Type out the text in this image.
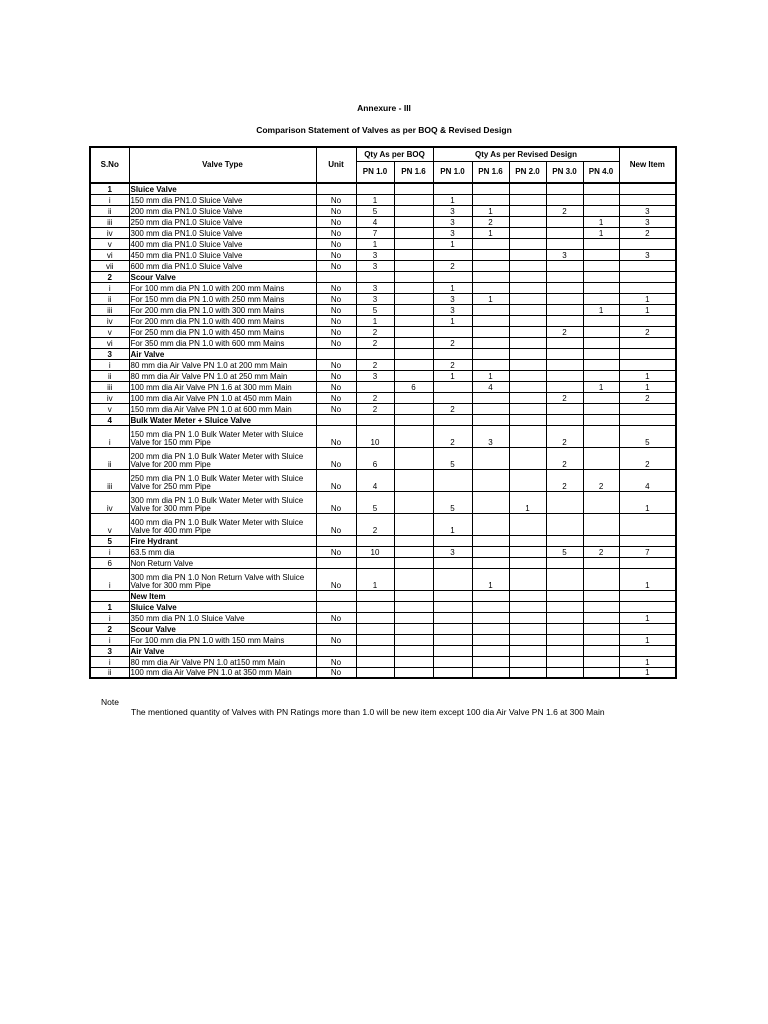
Annexure - III
Comparison Statement of Valves as per BOQ & Revised Design
S.No	Valve Type	Unit	Qty As per BOQ		Qty As per Revised Design					New Item
			PN 1.0	PN 1.6	PN 1.0	PN 1.6	PN 2.0	PN 3.0	PN 4.0	
1	Sluice Valve									
i	150 mm dia PN1.0 Sluice Valve	No	1		1					
ii	200 mm dia PN1.0 Sluice Valve	No	5		3	1		2		3
iii	250 mm dia PN1.0 Sluice Valve	No	4		3	2			1	3
iv	300 mm dia PN1.0 Sluice Valve	No	7		3	1			1	2
v	400 mm dia PN1.0 Sluice Valve	No	1		1					
vi	450 mm dia PN1.0 Sluice Valve	No	3					3		3
vii	600 mm dia PN1.0 Sluice Valve	No	3		2					
2	Scour Valve									
i	For 100 mm dia PN 1.0 with 200 mm Mains	No	3		1					
ii	For 150 mm dia PN 1.0 with 250 mm Mains	No	3		3	1				1
iii	For 200 mm dia PN 1.0 with 300 mm Mains	No	5		3				1	1
iv	For 200 mm dia PN 1.0 with 400 mm Mains	No	1		1					
v	For 250 mm dia PN 1.0 with 450 mm Mains	No	2					2		2
vi	For 350 mm dia PN 1.0 with 600 mm Mains	No	2		2					
3	Air Valve									
i	80 mm dia Air Valve PN 1.0 at 200 mm Main	No	2		2					
ii	80 mm dia Air Valve PN 1.0 at 250 mm Main	No	3		1	1				1
iii	100 mm dia Air Valve PN 1.6 at 300 mm Main	No		6		4			1	1
iv	100 mm dia Air Valve PN 1.0 at 450 mm Main	No	2					2		2
v	150 mm dia Air Valve PN 1.0 at 600 mm Main	No	2		2					
4	Bulk Water Meter + Sluice Valve									
i	150 mm dia PN 1.0 Bulk Water Meter with Sluice Valve for 150 mm Pipe	No	10		2	3		2		5
ii	200 mm dia PN 1.0 Bulk Water Meter with Sluice Valve for 200 mm Pipe	No	6		5			2		2
iii	250 mm dia PN 1.0 Bulk Water Meter with Sluice Valve for 250 mm Pipe	No	4					2	2	4
iv	300 mm dia PN 1.0 Bulk Water Meter with Sluice Valve for 300 mm Pipe	No	5		5		1			1
v	400 mm dia PN 1.0 Bulk Water Meter with Sluice Valve for 400 mm Pipe	No	2		1					
5	Fire Hydrant									
i	63.5 mm dia	No	10		3			5	2	7
6	Non Return Valve									
i	300 mm dia PN 1.0 Non Return Valve with Sluice Valve for 300 mm Pipe	No	1			1				1
	New Item									
1	Sluice Valve									
i	350 mm dia PN 1.0 Sluice Valve	No								1
2	Scour Valve									
i	For 100 mm dia PN 1.0 with 150 mm Mains	No								1
3	Air Valve									
i	80 mm dia Air Valve PN 1.0 at150 mm Main	No								1
ii	100 mm dia Air Valve PN 1.0 at 350 mm Main	No								1
Note
The mentioned quantity of Valves with PN Ratings more than 1.0 will be new item except 100 dia Air Valve PN 1.6 at 300 Main
